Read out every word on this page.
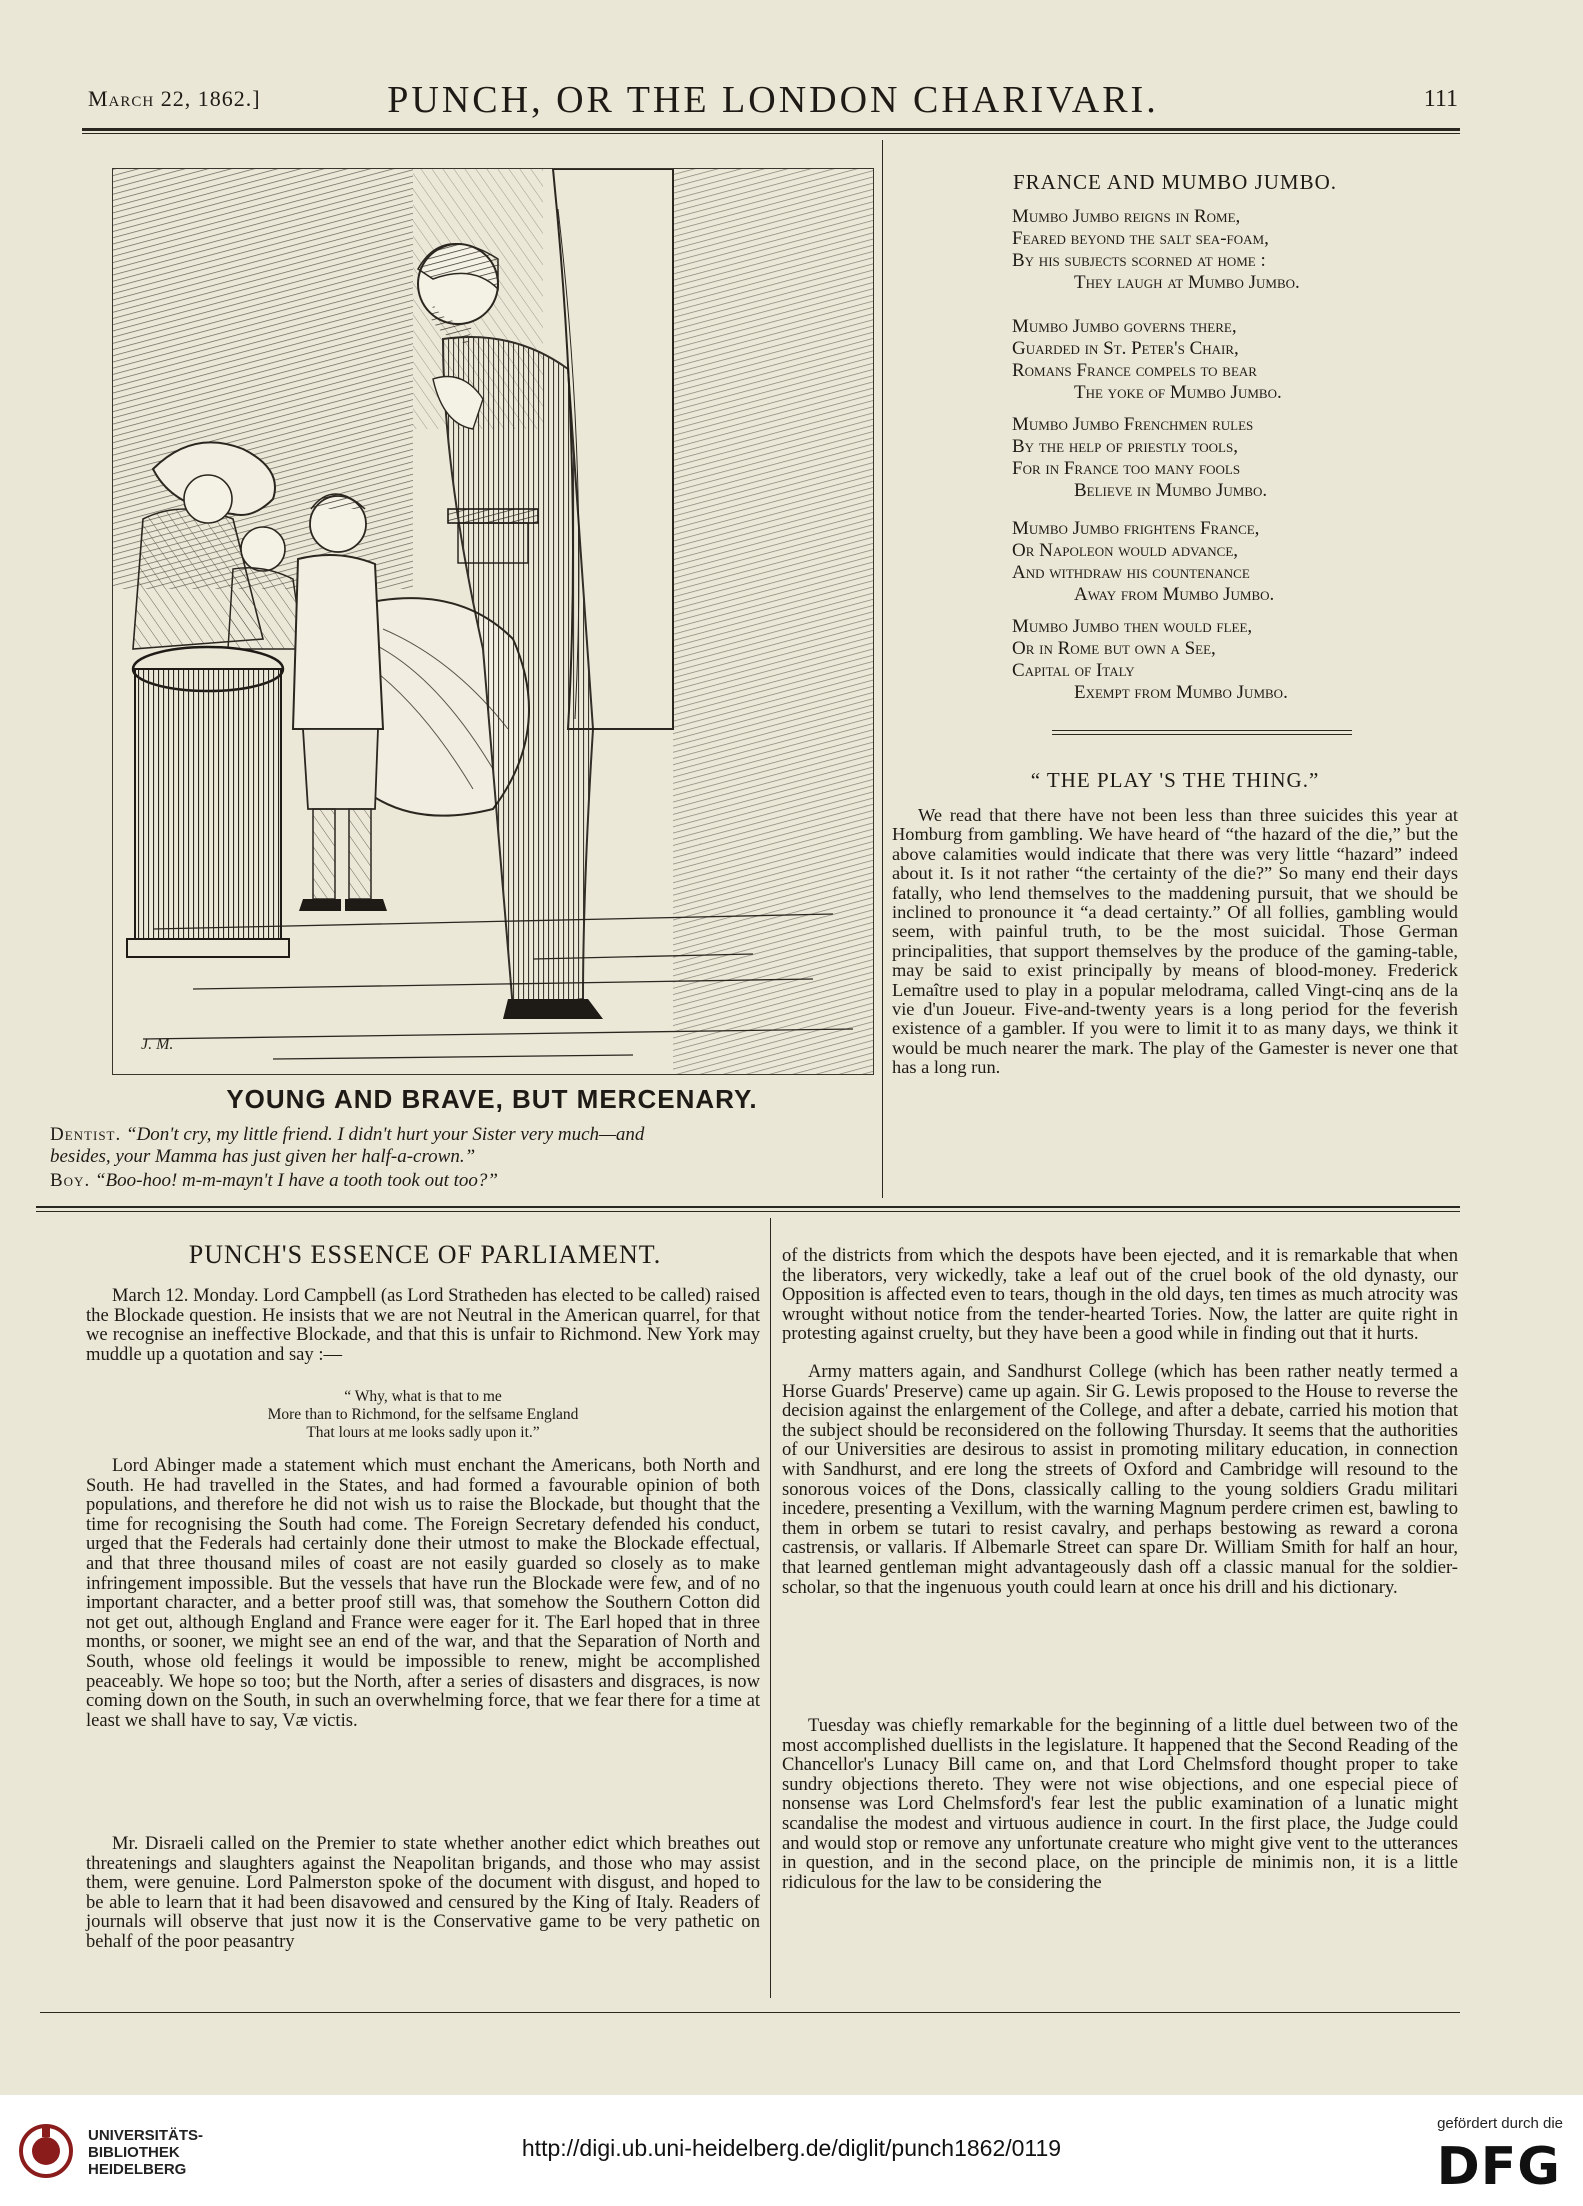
March 22, 1862.]	PUNCH, OR THE LONDON CHARIVARI.	111
J. M.
YOUNG AND BRAVE, BUT MERCENARY.
Dentist. “Don't cry, my little friend. I didn't hurt your Sister very much—and
besides, your Mamma has just given her half-a-crown.”
Boy. “Boo-hoo! m-m-mayn't I have a tooth took out too?”
FRANCE AND MUMBO JUMBO.
Mumbo Jumbo reigns in Rome,
Feared beyond the salt sea-foam,
By his subjects scorned at home :
They laugh at Mumbo Jumbo.
Mumbo Jumbo governs there,
Guarded in St. Peter's Chair,
Romans France compels to bear
The yoke of Mumbo Jumbo.
Mumbo Jumbo Frenchmen rules
By the help of priestly tools,
For in France too many fools
Believe in Mumbo Jumbo.
Mumbo Jumbo frightens France,
Or Napoleon would advance,
And withdraw his countenance
Away from Mumbo Jumbo.
Mumbo Jumbo then would flee,
Or in Rome but own a See,
Capital of Italy
Exempt from Mumbo Jumbo.
“ THE PLAY 'S THE THING.”

We read that there have not been less than three suicides this year at Homburg from gambling. We have heard of “the hazard of the die,” but the above calamities would indicate that there was very little “hazard” indeed about it. Is it not rather “the certainty of the die?” So many end their days fatally, who lend themselves to the maddening pursuit, that we should be inclined to pronounce it “a dead certainty.” Of all follies, gambling would seem, with painful truth, to be the most suicidal. Those German principalities, that support themselves by the produce of the gaming-table, may be said to exist principally by means of blood-money. Frederick Lemaître used to play in a popular melodrama, called Vingt-cinq ans de la vie d'un Joueur. Five-and-twenty years is a long period for the feverish existence of a gambler. If you were to limit it to as many days, we think it would be much nearer the mark. The play of the Gamester is never one that has a long run.

PUNCH'S ESSENCE OF PARLIAMENT.

March 12. Monday. Lord Campbell (as Lord Stratheden has elected to be called) raised the Blockade question. He insists that we are not Neutral in the American quarrel, for that we recognise an ineffective Blockade, and that this is unfair to Richmond. New York may muddle up a quotation and say :—

“ Why, what is that to me
More than to Richmond, for the selfsame England
That lours at me looks sadly upon it.”

Lord Abinger made a statement which must enchant the Americans, both North and South. He had travelled in the States, and had formed a favourable opinion of both populations, and therefore he did not wish us to raise the Blockade, but thought that the time for recognising the South had come. The Foreign Secretary defended his conduct, urged that the Federals had certainly done their utmost to make the Blockade effectual, and that three thousand miles of coast are not easily guarded so closely as to make infringement impossible. But the vessels that have run the Blockade were few, and of no important character, and a better proof still was, that somehow the Southern Cotton did not get out, although England and France were eager for it. The Earl hoped that in three months, or sooner, we might see an end of the war, and that the Separation of North and South, whose old feelings it would be impossible to renew, might be accomplished peaceably. We hope so too; but the North, after a series of disasters and disgraces, is now coming down on the South, in such an overwhelming force, that we fear there for a time at least we shall have to say, Væ victis.

Mr. Disraeli called on the Premier to state whether another edict which breathes out threatenings and slaughters against the Neapolitan brigands, and those who may assist them, were genuine. Lord Palmerston spoke of the document with disgust, and hoped to be able to learn that it had been disavowed and censured by the King of Italy. Readers of journals will observe that just now it is the Conservative game to be very pathetic on behalf of the poor peasantry

of the districts from which the despots have been ejected, and it is remarkable that when the liberators, very wickedly, take a leaf out of the cruel book of the old dynasty, our Opposition is affected even to tears, though in the old days, ten times as much atrocity was wrought without notice from the tender-hearted Tories. Now, the latter are quite right in protesting against cruelty, but they have been a good while in finding out that it hurts.

Army matters again, and Sandhurst College (which has been rather neatly termed a Horse Guards' Preserve) came up again. Sir G. Lewis proposed to the House to reverse the decision against the enlargement of the College, and after a debate, carried his motion that the subject should be reconsidered on the following Thursday. It seems that the authorities of our Universities are desirous to assist in promoting military education, in connection with Sandhurst, and ere long the streets of Oxford and Cambridge will resound to the sonorous voices of the Dons, classically calling to the young soldiers Gradu militari incedere, presenting a Vexillum, with the warning Magnum perdere crimen est, bawling to them in orbem se tutari to resist cavalry, and perhaps bestowing as reward a corona castrensis, or vallaris. If Albemarle Street can spare Dr. William Smith for half an hour, that learned gentleman might advantageously dash off a classic manual for the soldier-scholar, so that the ingenuous youth could learn at once his drill and his dictionary.

Tuesday was chiefly remarkable for the beginning of a little duel between two of the most accomplished duellists in the legislature. It happened that the Second Reading of the Chancellor's Lunacy Bill came on, and that Lord Chelmsford thought proper to take sundry objections thereto. They were not wise objections, and one especial piece of nonsense was Lord Chelmsford's fear lest the public examination of a lunatic might scandalise the modest and virtuous audience in court. In the first place, the Judge could and would stop or remove any unfortunate creature who might give vent to the utterances in question, and in the second place, on the principle de minimis non, it is a little ridiculous for the law to be considering the

UNIVERSITÄTS-
BIBLIOTHEK
HEIDELBERG
http://digi.ub.uni-heidelberg.de/diglit/punch1862/0119
gefördert durch die
DFG
